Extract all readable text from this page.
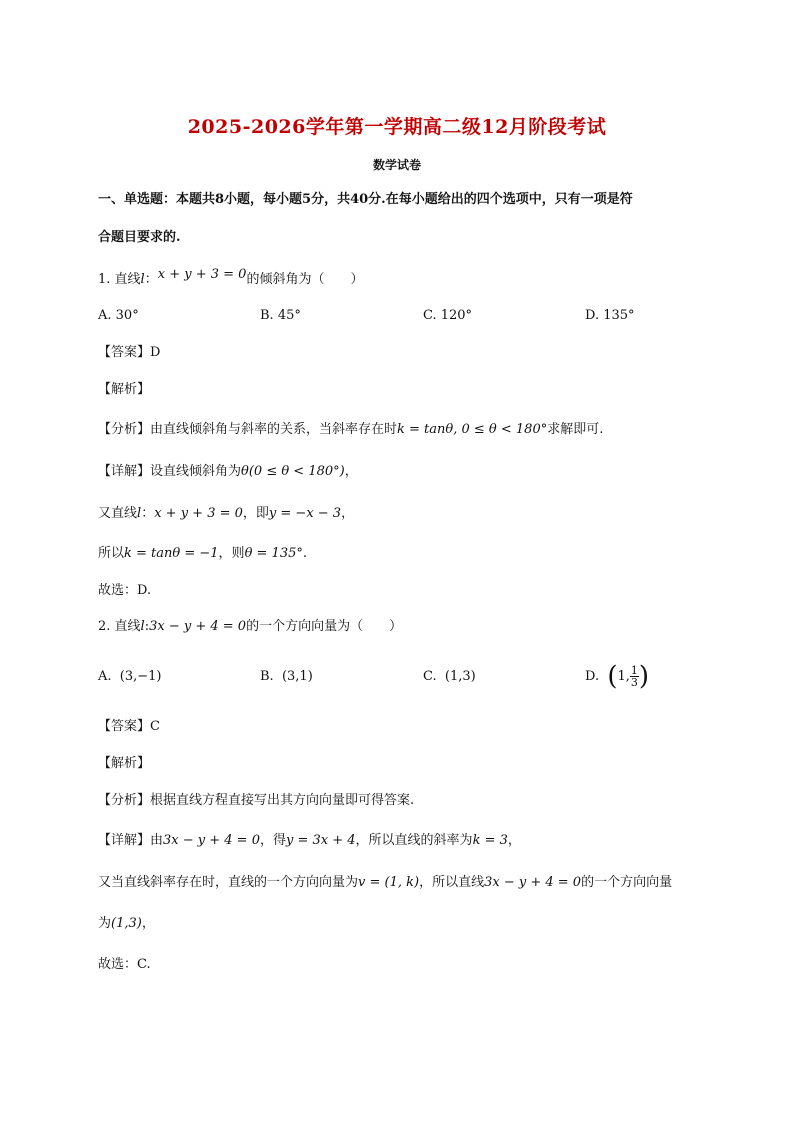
2025-2026学年第一学期高二级12月阶段考试
数学试卷
一、单选题：本题共8小题，每小题5分，共40分.在每小题给出的四个选项中，只有一项是符
合题目要求的.
1. 直线l：x + y + 3 = 0的倾斜角为（　　）
A. 30°	B. 45°	C. 120°	D. 135°
【答案】D
【解析】
【分析】由直线倾斜角与斜率的关系，当斜率存在时k = tanθ, 0 ≤ θ < 180°求解即可.
【详解】设直线倾斜角为θ(0 ≤ θ < 180°)，
又直线l：x + y + 3 = 0，即y = −x − 3，
所以k = tanθ = −1，则θ = 135°.
故选：D.
2. 直线l:3x − y + 4 = 0的一个方向向量为（　　）
A. (3,−1)	B. (3,1)	C. (1,3)	D. (1, $\frac{1}{3}$ )
【答案】C
【解析】
【分析】根据直线方程直接写出其方向向量即可得答案.
【详解】由3x − y + 4 = 0，得y = 3x + 4，所以直线的斜率为k = 3，
又当直线斜率存在时，直线的一个方向向量为v = (1, k)，所以直线3x − y + 4 = 0的一个方向向量
为(1,3)，
故选：C.
